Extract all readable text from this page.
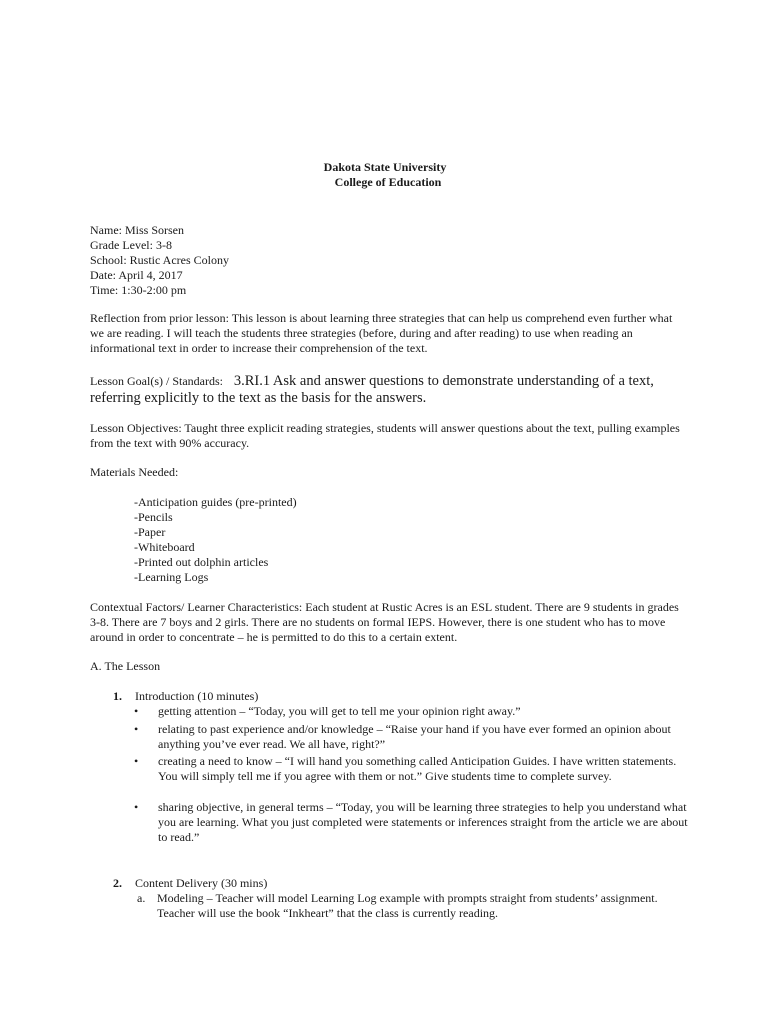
Dakota State University
College of Education
Name: Miss Sorsen
Grade Level: 3-8
School: Rustic Acres Colony
Date: April 4, 2017
Time: 1:30-2:00 pm
Reflection from prior lesson: This lesson is about learning three strategies that can help us comprehend even further what we are reading. I will teach the students three strategies (before, during and after reading) to use when reading an informational text in order to increase their comprehension of the text.
Lesson Goal(s) / Standards: 3.RI.1 Ask and answer questions to demonstrate understanding of a text,
referring explicitly to the text as the basis for the answers.
Lesson Objectives: Taught three explicit reading strategies, students will answer questions about the text, pulling examples from the text with 90% accuracy.
Materials Needed:
-Anticipation guides (pre-printed)
-Pencils
-Paper
-Whiteboard
-Printed out dolphin articles
-Learning Logs
Contextual Factors/ Learner Characteristics: Each student at Rustic Acres is an ESL student. There are 9 students in grades 3-8. There are 7 boys and 2 girls. There are no students on formal IEPS. However, there is one student who has to move around in order to concentrate – he is permitted to do this to a certain extent.
A. The Lesson
1. Introduction (10 minutes)
• getting attention – “Today, you will get to tell me your opinion right away.”
• relating to past experience and/or knowledge – “Raise your hand if you have ever formed an opinion about anything you’ve ever read. We all have, right?”
• creating a need to know – “I will hand you something called Anticipation Guides. I have written statements. You will simply tell me if you agree with them or not.” Give students time to complete survey.
• sharing objective, in general terms – “Today, you will be learning three strategies to help you understand what you are learning. What you just completed were statements or inferences straight from the article we are about to read.”
2. Content Delivery (30 mins)
a. Modeling – Teacher will model Learning Log example with prompts straight from students’ assignment. Teacher will use the book “Inkheart” that the class is currently reading.
